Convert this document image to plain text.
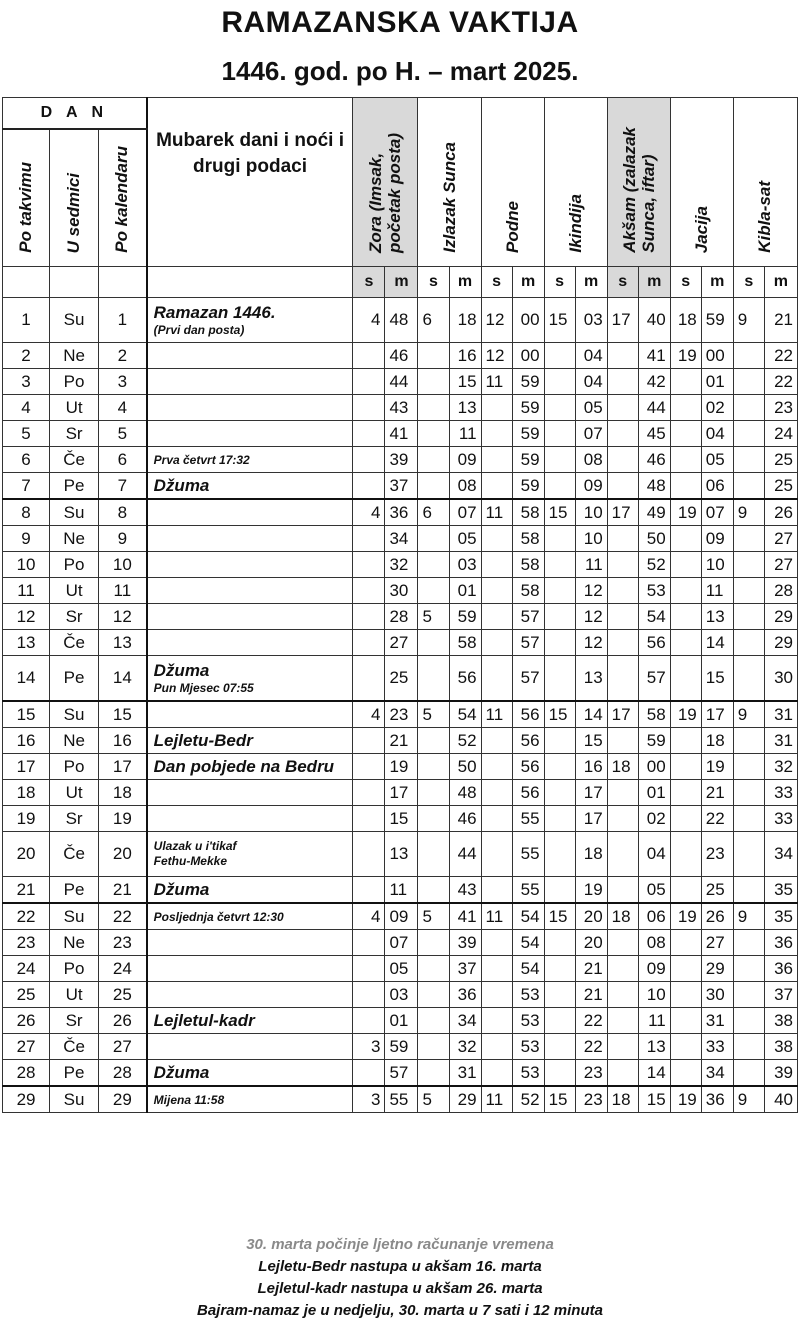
RAMAZANSKA VAKTIJA
1446. god. po H. – mart 2025.
D A N			Mubarek dani i noći i drugi podaci	Zora (Imsak,
početak posta)		Izlazak Sunca		Podne		Ikindija		Akšam (zalazak
Sunca, iftar)		Jacija		Kibla-sat	
Po takvimu	U sedmici	Po kalendaru															
				s	m	s	m	s	m	s	m	s	m	s	m	s	m
1	Su	1	Ramazan 1446.
(Prvi dan posta)	4	48	6	18	12	00	15	03	17	40	18	59	9	21
2	Ne	2			46		16	12	00		04		41	19	00		22
3	Po	3			44		15	11	59		04		42		01		22
4	Ut	4			43		13		59		05		44		02		23
5	Sr	5			41		11		59		07		45		04		24
6	Če	6	Prva četvrt 17:32		39		09		59		08		46		05		25
7	Pe	7	Džuma		37		08		59		09		48		06		25
8	Su	8		4	36	6	07	11	58	15	10	17	49	19	07	9	26
9	Ne	9			34		05		58		10		50		09		27
10	Po	10			32		03		58		11		52		10		27
11	Ut	11			30		01		58		12		53		11		28
12	Sr	12			28	5	59		57		12		54		13		29
13	Če	13			27		58		57		12		56		14		29
14	Pe	14	Džuma
Pun Mjesec 07:55		25		56		57		13		57		15		30
15	Su	15		4	23	5	54	11	56	15	14	17	58	19	17	9	31
16	Ne	16	Lejletu-Bedr		21		52		56		15		59		18		31
17	Po	17	Dan pobjede na Bedru		19		50		56		16	18	00		19		32
18	Ut	18			17		48		56		17		01		21		33
19	Sr	19			15		46		55		17		02		22		33
20	Če	20	Ulazak u i'tikaf
Fethu-Mekke		13		44		55		18		04		23		34
21	Pe	21	Džuma		11		43		55		19		05		25		35
22	Su	22	Posljednja četvrt 12:30	4	09	5	41	11	54	15	20	18	06	19	26	9	35
23	Ne	23			07		39		54		20		08		27		36
24	Po	24			05		37		54		21		09		29		36
25	Ut	25			03		36		53		21		10		30		37
26	Sr	26	Lejletul-kadr		01		34		53		22		11		31		38
27	Če	27		3	59		32		53		22		13		33		38
28	Pe	28	Džuma		57		31		53		23		14		34		39
29	Su	29	Mijena 11:58	3	55	5	29	11	52	15	23	18	15	19	36	9	40
30. marta počinje ljetno računanje vremena
Lejletu-Bedr nastupa u akšam 16. marta
Lejletul-kadr nastupa u akšam 26. marta
Bajram-namaz je u nedjelju, 30. marta u 7 sati i 12 minuta
